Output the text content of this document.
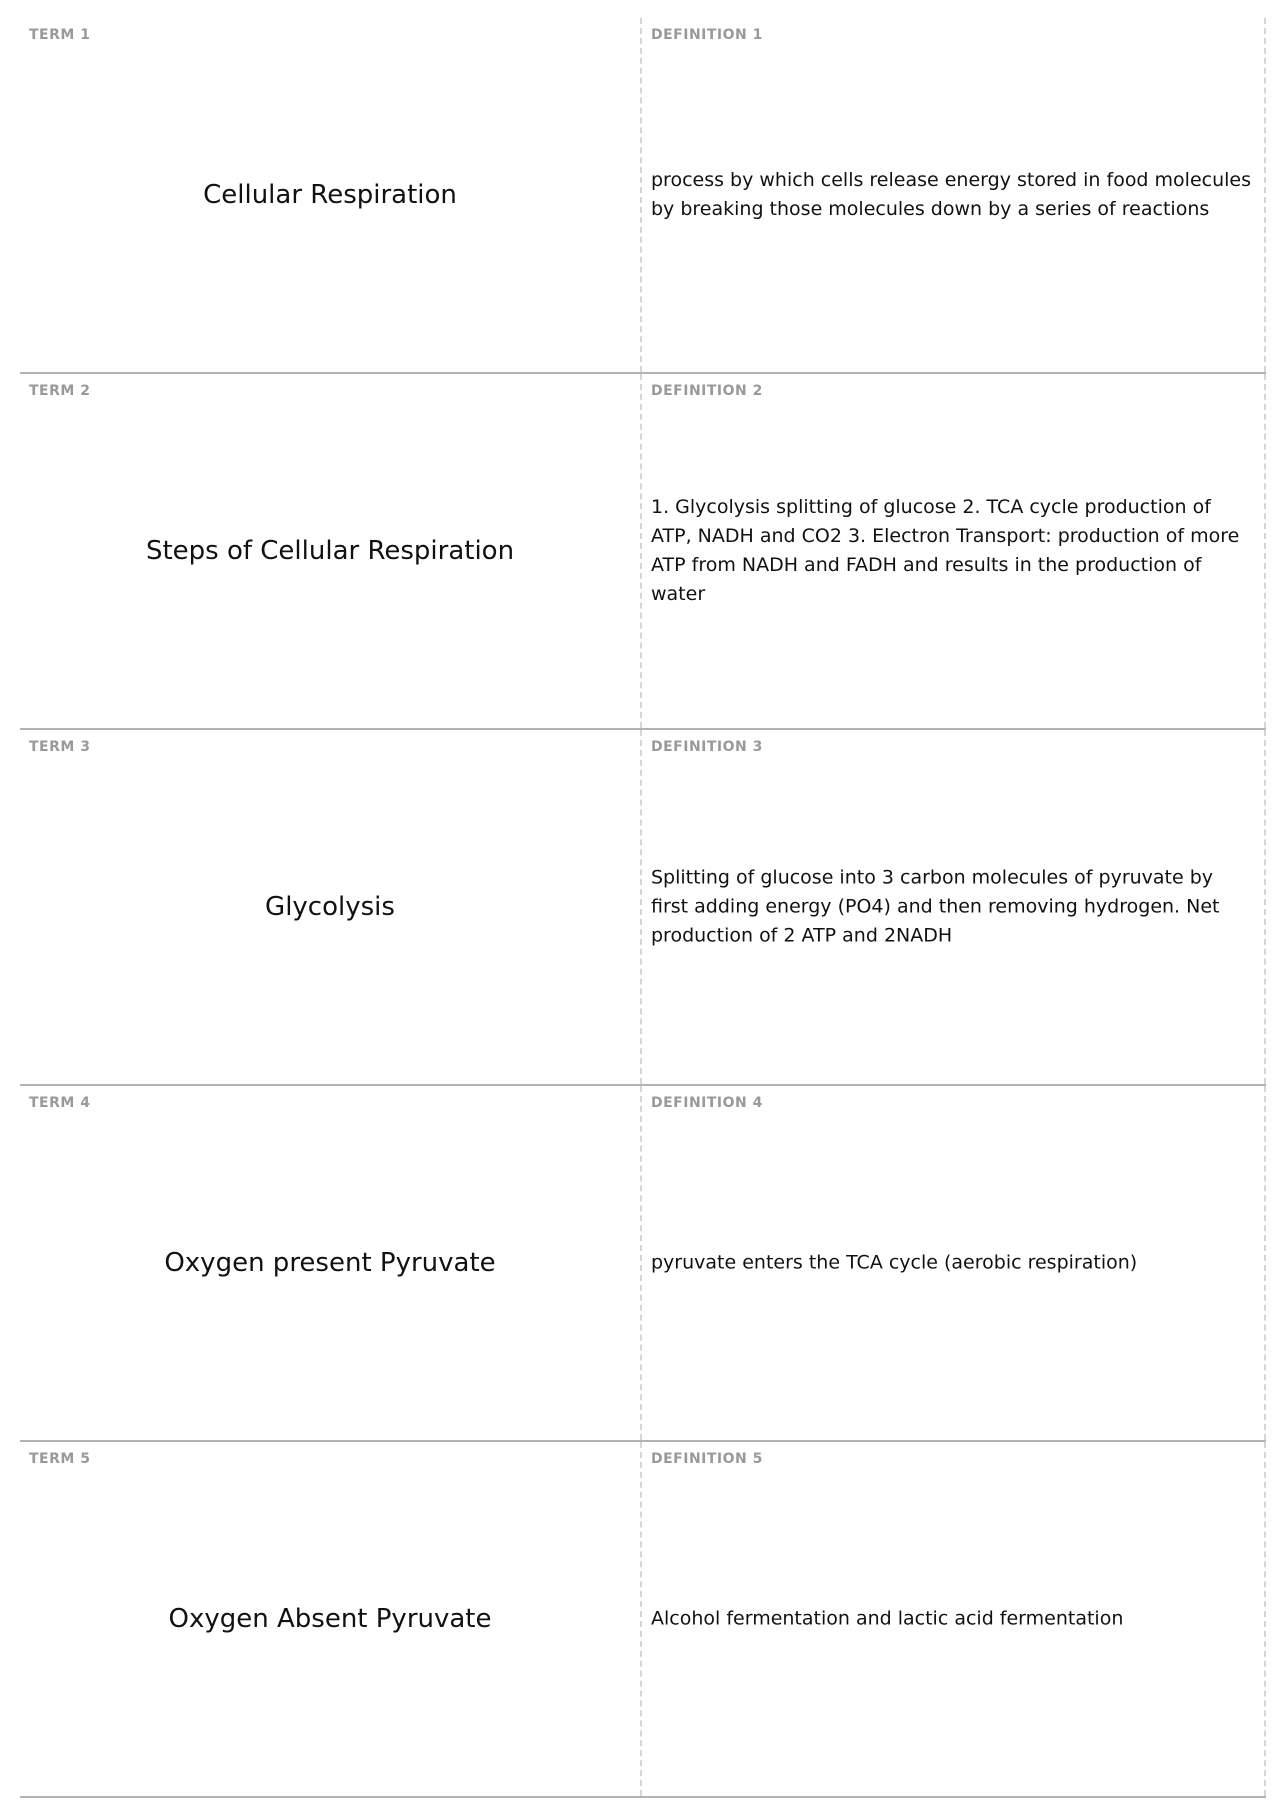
TERM 1
Cellular Respiration
DEFINITION 1
process by which cells release energy stored in food molecules by breaking those molecules down by a series of reactions
TERM 2
Steps of Cellular Respiration
DEFINITION 2
1. Glycolysis splitting of glucose 2. TCA cycle production of ATP, NADH and CO2 3. Electron Transport: production of more ATP from NADH and FADH and results in the production of water
TERM 3
Glycolysis
DEFINITION 3
Splitting of glucose into 3 carbon molecules of pyruvate by first adding energy (PO4) and then removing hydrogen. Net production of 2 ATP and 2NADH
TERM 4
Oxygen present Pyruvate
DEFINITION 4
pyruvate enters the TCA cycle (aerobic respiration)
TERM 5
Oxygen Absent Pyruvate
DEFINITION 5
Alcohol fermentation and lactic acid fermentation
